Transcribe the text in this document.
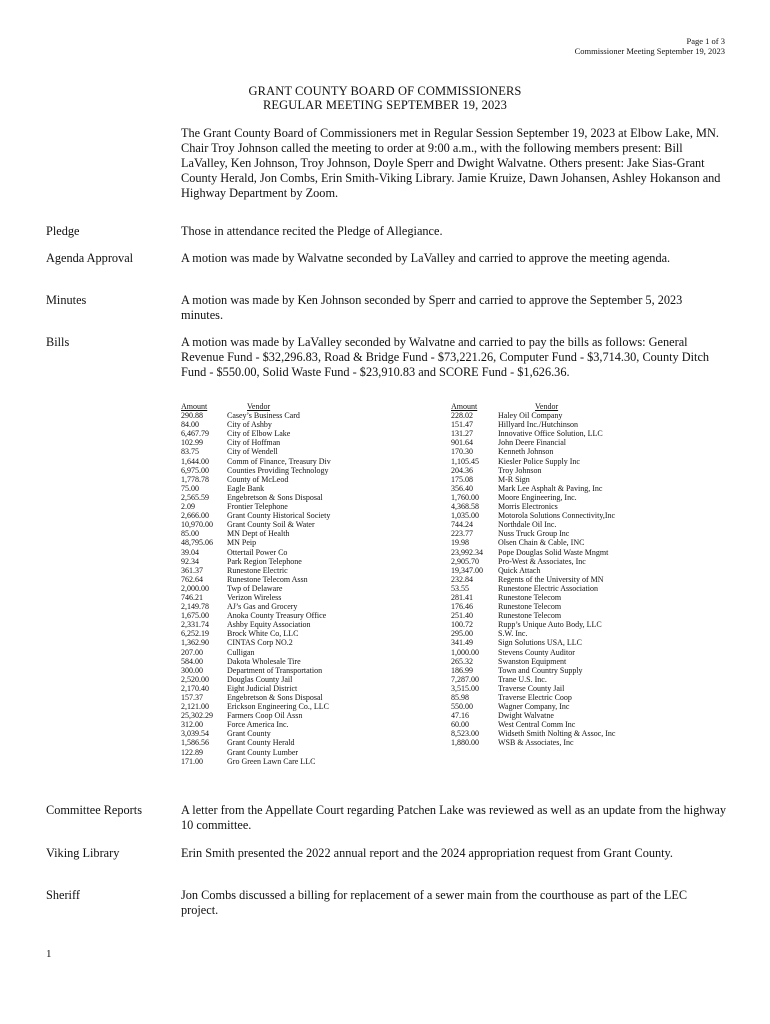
Page 1 of 3
Commissioner Meeting September 19, 2023
GRANT COUNTY BOARD OF COMMISSIONERS
REGULAR MEETING SEPTEMBER 19, 2023
The Grant County Board of Commissioners met in Regular Session September 19, 2023 at Elbow Lake, MN. Chair Troy Johnson called the meeting to order at 9:00 a.m., with the following members present: Bill LaValley, Ken Johnson, Troy Johnson, Doyle Sperr and Dwight Walvatne. Others present: Jake Sias-Grant County Herald, Jon Combs, Erin Smith-Viking Library. Jamie Kruize, Dawn Johansen, Ashley Hokanson and Highway Department by Zoom.
Pledge	Those in attendance recited the Pledge of Allegiance.
Agenda Approval	A motion was made by Walvatne seconded by LaValley and carried to approve the meeting agenda.
Minutes	A motion was made by Ken Johnson seconded by Sperr and carried to approve the September 5, 2023 minutes.
Bills	A motion was made by LaValley seconded by Walvatne and carried to pay the bills as follows: General Revenue Fund - $32,296.83, Road & Bridge Fund - $73,221.26, Computer Fund - $3,714.30, County Ditch Fund - $550.00, Solid Waste Fund - $23,910.83 and SCORE Fund - $1,626.36.
Amount	Vendor
290.88	Casey’s Business Card
84.00	City of Ashby
6,467.79	City of Elbow Lake
102.99	City of Hoffman
83.75	City of Wendell
1,644.00	Comm of Finance, Treasury Div
6,975.00	Counties Providing Technology
1,778.78	County of McLeod
75.00	Eagle Bank
2,565.59	Engebretson & Sons Disposal
2.09	Frontier Telephone
2,666.00	Grant County Historical Society
10,970.00	Grant County Soil & Water
85.00	MN Dept of Health
48,795.06	MN Peip
39.04	Ottertail Power Co
92.34	Park Region Telephone
361.37	Runestone Electric
762.64	Runestone Telecom Assn
2,000.00	Twp of Delaware
746.21	Verizon Wireless
2,149.78	AJ’s Gas and Grocery
1,675.00	Anoka County Treasury Office
2,331.74	Ashby Equity Association
6,252.19	Brock White Co, LLC
1,362.90	CINTAS Corp NO.2
207.00	Culligan
584.00	Dakota Wholesale Tire
300.00	Department of Transportation
2,520.00	Douglas County Jail
2,170.40	Eight Judicial District
157.37	Engebretson & Sons Disposal
2,121.00	Erickson Engineering Co., LLC
25,302.29	Farmers Coop Oil Assn
312.00	Force America Inc.
3,039.54	Grant County
1,586.56	Grant County Herald
122.89	Grant County Lumber
171.00	Gro Green Lawn Care LLC
Amount	Vendor
228.02	Haley Oil Company
151.47	Hillyard Inc./Hutchinson
131.27	Innovative Office Solution, LLC
901.64	John Deere Financial
170.30	Kenneth Johnson
1,105.45	Kiesler Police Supply Inc
204.36	Troy Johnson
175.08	M-R Sign
356.40	Mark Lee Asphalt & Paving, Inc
1,760.00	Moore Engineering, Inc.
4,368.58	Morris Electronics
1,035.00	Motorola Solutions Connectivity,Inc
744.24	Northdale Oil Inc.
223.77	Nuss Truck Group Inc
19.98	Olsen Chain & Cable, INC
23,992.34	Pope Douglas Solid Waste Mngmt
2,905.70	Pro-West & Associates, Inc
19,347.00	Quick Attach
232.84	Regents of the University of MN
53.55	Runestone Electric Association
281.41	Runestone Telecom
176.46	Runestone Telecom
251.40	Runestone Telecom
100.72	Rupp’s Unique Auto Body, LLC
295.00	S.W. Inc.
341.49	Sign Solutions USA, LLC
1,000.00	Stevens County Auditor
265.32	Swanston Equipment
186.99	Town and Country Supply
7,287.00	Trane U.S. Inc.
3,515.00	Traverse County Jail
85.98	Traverse Electric Coop
550.00	Wagner Company, Inc
47.16	Dwight Walvatne
60.00	West Central Comm Inc
8,523.00	Widseth Smith Nolting & Assoc, Inc
1,880.00	WSB & Associates, Inc
Committee Reports	A letter from the Appellate Court regarding Patchen Lake was reviewed as well as an update from the highway 10 committee.
Viking Library	Erin Smith presented the 2022 annual report and the 2024 appropriation request from Grant County.
Sheriff	Jon Combs discussed a billing for replacement of a sewer main from the courthouse as part of the LEC project.
1
